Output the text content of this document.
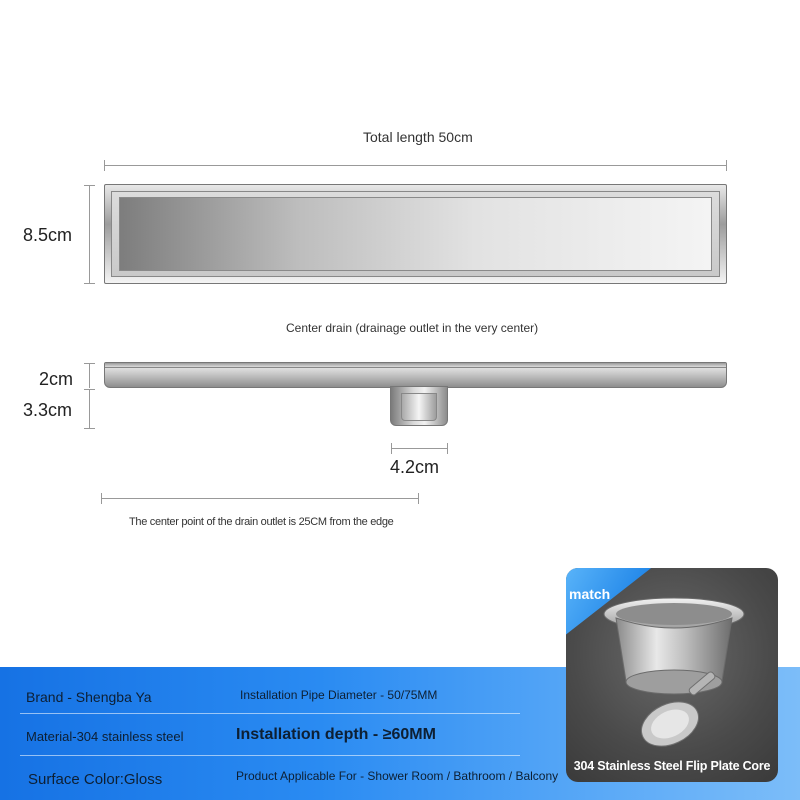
Total length 50cm
8.5cm
Center drain (drainage outlet in the very center)
2cm
3.3cm
4.2cm
The center point of the drain outlet is 25CM from the edge
Brand - Shengba Ya	Installation Pipe Diameter - 50/75MM
Material-304 stainless steel	Installation depth - ≥60MM
Surface Color:Gloss	Product Applicable For - Shower Room / Bathroom / Balcony
match
304 Stainless Steel Flip Plate Core
